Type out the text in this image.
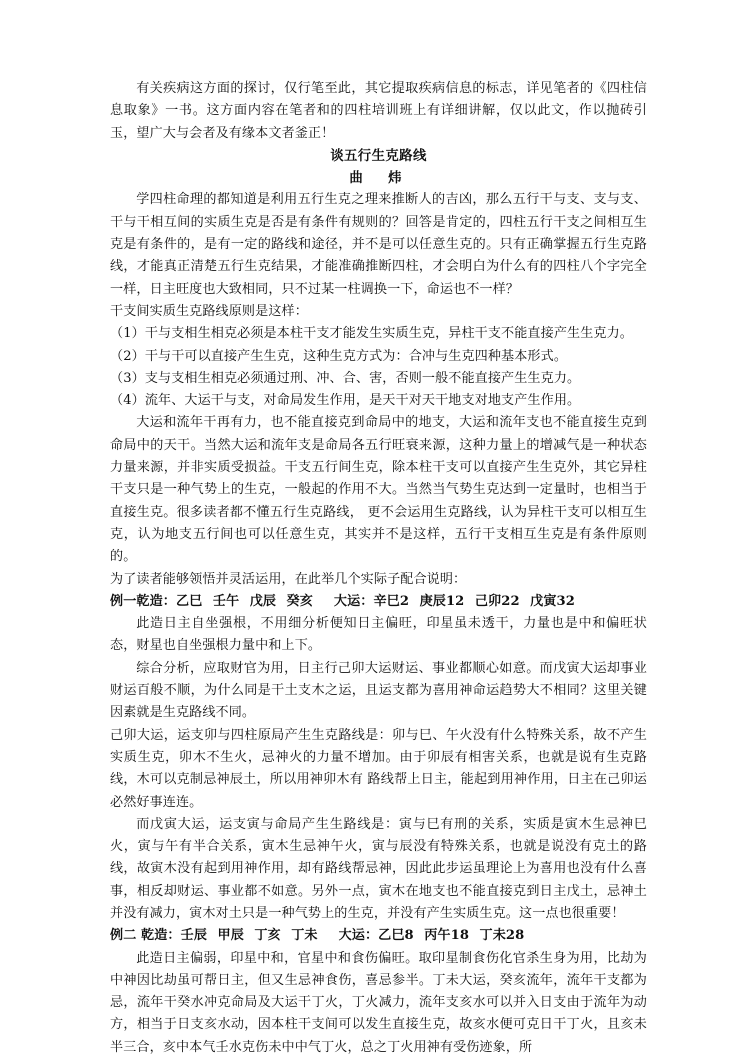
有关疾病这方面的探讨，仅行笔至此，其它提取疾病信息的标志，详见笔者的《四柱信息取象》一书。这方面内容在笔者和的四柱培训班上有详细讲解，仅以此文，作以抛砖引玉，望广大与会者及有缘本文者釜正！

谈五行生克路线

曲　炜

学四柱命理的都知道是利用五行生克之理来推断人的吉凶，那么五行干与支、支与支、干与干相互间的实质生克是否是有条件有规则的？回答是肯定的，四柱五行干支之间相互生克是有条件的，是有一定的路线和途径，并不是可以任意生克的。只有正确掌握五行生克路线，才能真正清楚五行生克结果，才能准确推断四柱，才会明白为什么有的四柱八个字完全一样，日主旺度也大致相同，只不过某一柱调换一下，命运也不一样？

干支间实质生克路线原则是这样：

（1）干与支相生相克必须是本柱干支才能发生实质生克，异柱干支不能直接产生生克力。

（2）干与干可以直接产生生克，这种生克方式为：合冲与生克四种基本形式。

（3）支与支相生相克必须通过刑、冲、合、害，否则一般不能直接产生生克力。

（4）流年、大运干与支，对命局发生作用，是天干对天干地支对地支产生作用。

大运和流年干再有力，也不能直接克到命局中的地支，大运和流年支也不能直接生克到命局中的天干。当然大运和流年支是命局各五行旺衰来源，这种力量上的增减气是一种状态力量来源，并非实质受损益。干支五行间生克，除本柱干支可以直接产生生克外，其它异柱干支只是一种气势上的生克，一般起的作用不大。当然当气势生克达到一定量时，也相当于直接生克。很多读者都不懂五行生克路线， 更不会运用生克路线，认为异柱干支可以相互生克，认为地支五行间也可以任意生克，其实并不是这样，五行干支相互生克是有条件原则的。

为了读者能够领悟并灵活运用，在此举几个实际子配合说明：

例一乾造：乙巳 壬午 戊辰 癸亥 大运：辛巳2 庚辰12 己卯22 戊寅32

此造日主自坐强根，不用细分析便知日主偏旺，印星虽未透干，力量也是中和偏旺状态，财星也自坐强根力量中和上下。

综合分析，应取财官为用，日主行己卯大运财运、事业都顺心如意。而戊寅大运却事业财运百般不顺，为什么同是干土支木之运，且运支都为喜用神命运趋势大不相同？这里关键因素就是生克路线不同。

己卯大运，运支卯与四柱原局产生生克路线是：卯与巳、午火没有什么特殊关系，故不产生实质生克，卯木不生火，忌神火的力量不增加。由于卯辰有相害关系，也就是说有生克路线，木可以克制忌神辰土，所以用神卯木有 路线帮上日主，能起到用神作用，日主在己卯运必然好事连连。

而戊寅大运，运支寅与命局产生生路线是：寅与巳有刑的关系，实质是寅木生忌神巳火，寅与午有半合关系，寅木生忌神午火，寅与辰没有特殊关系，也就是说没有克土的路线，故寅木没有起到用神作用，却有路线帮忌神，因此此步运虽理论上为喜用也没有什么喜事，相反却财运、事业都不如意。另外一点，寅木在地支也不能直接克到日主戊土，忌神土并没有减力，寅木对土只是一种气势上的生克，并没有产生实质生克。这一点也很重要！

例二 乾造：壬辰 甲辰 丁亥 丁未 大运：乙巳8 丙午18 丁未28

此造日主偏弱，印星中和，官星中和食伤偏旺。取印星制食伤化官杀生身为用，比劫为中神因比劫虽可帮日主，但又生忌神食伤，喜忌参半。丁未大运，癸亥流年，流年干支都为 忌，流年干癸水冲克命局及大运干丁火，丁火减力，流年支亥水可以并入日支由于流年为动方，相当于日支亥水动，因本柱干支间可以发生直接生克，故亥水便可克日干丁火，且亥未半三合，亥中本气壬水克伤未中中气丁火，总之丁火用神有受伤迹象，所
